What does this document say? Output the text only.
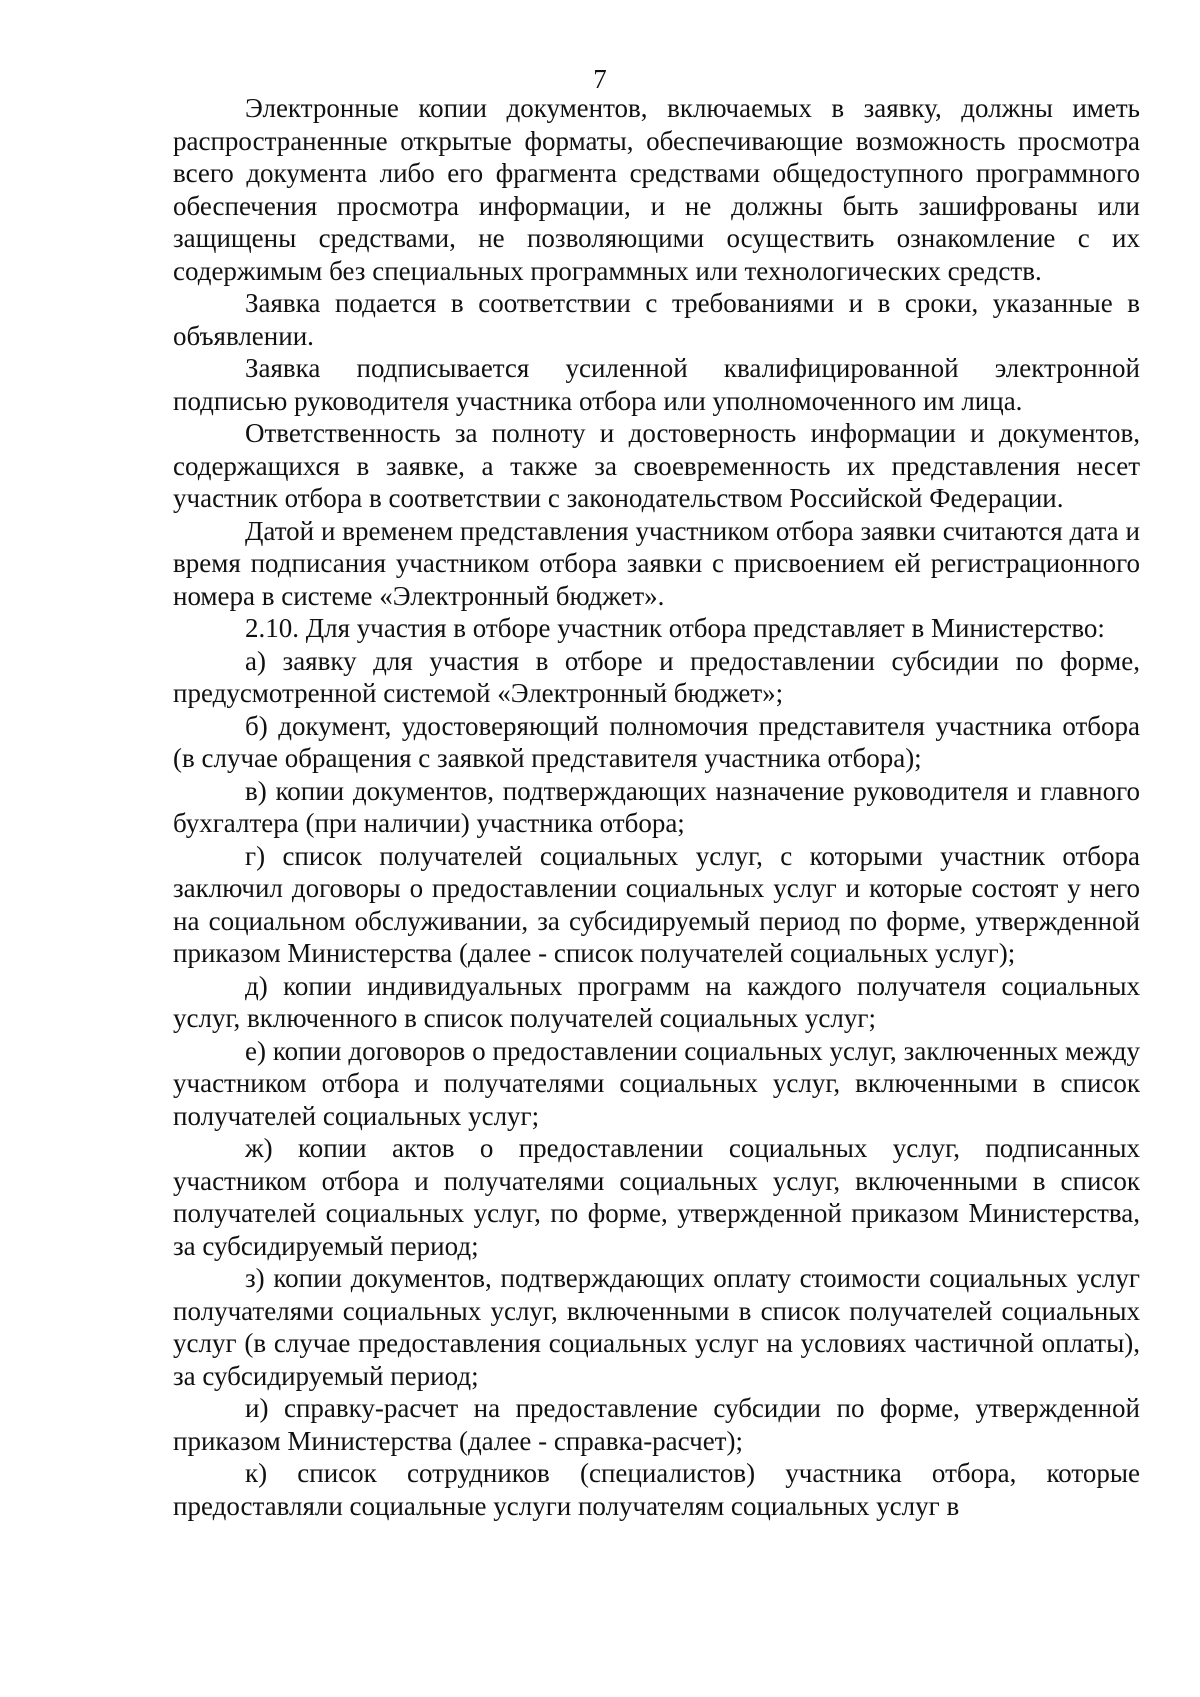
7

Электронные копии документов, включаемых в заявку, должны иметь распространенные открытые форматы, обеспечивающие возможность просмотра всего документа либо его фрагмента средствами общедоступного программного обеспечения просмотра информации, и не должны быть зашифрованы или защищены средствами, не позволяющими осуществить ознакомление с их содержимым без специальных программных или технологических средств.

Заявка подается в соответствии с требованиями и в сроки, указанные в объявлении.

Заявка подписывается усиленной квалифицированной электронной подписью руководителя участника отбора или уполномоченного им лица.

Ответственность за полноту и достоверность информации и документов, содержащихся в заявке, а также за своевременность их представления несет участник отбора в соответствии с законодательством Российской Федерации.

Датой и временем представления участником отбора заявки считаются дата и время подписания участником отбора заявки с присвоением ей регистрационного номера в системе «Электронный бюджет».

2.10. Для участия в отборе участник отбора представляет в Министерство:

а) заявку для участия в отборе и предоставлении субсидии по форме, предусмотренной системой «Электронный бюджет»;

б) документ, удостоверяющий полномочия представителя участника отбора (в случае обращения с заявкой представителя участника отбора);

в) копии документов, подтверждающих назначение руководителя и главного бухгалтера (при наличии) участника отбора;

г) список получателей социальных услуг, с которыми участник отбора заключил договоры о предоставлении социальных услуг и которые состоят у него на социальном обслуживании, за субсидируемый период по форме, утвержденной приказом Министерства (далее - список получателей социальных услуг);

д) копии индивидуальных программ на каждого получателя социальных услуг, включенного в список получателей социальных услуг;

е) копии договоров о предоставлении социальных услуг, заключенных между участником отбора и получателями социальных услуг, включенными в список получателей социальных услуг;

ж) копии актов о предоставлении социальных услуг, подписанных участником отбора и получателями социальных услуг, включенными в список получателей социальных услуг, по форме, утвержденной приказом Министерства, за субсидируемый период;

з) копии документов, подтверждающих оплату стоимости социальных услуг получателями социальных услуг, включенными в список получателей социальных услуг (в случае предоставления социальных услуг на условиях частичной оплаты), за субсидируемый период;

и) справку-расчет на предоставление субсидии по форме, утвержденной приказом Министерства (далее - справка-расчет);

к) список сотрудников (специалистов) участника отбора, которые предоставляли социальные услуги получателям социальных услуг в
